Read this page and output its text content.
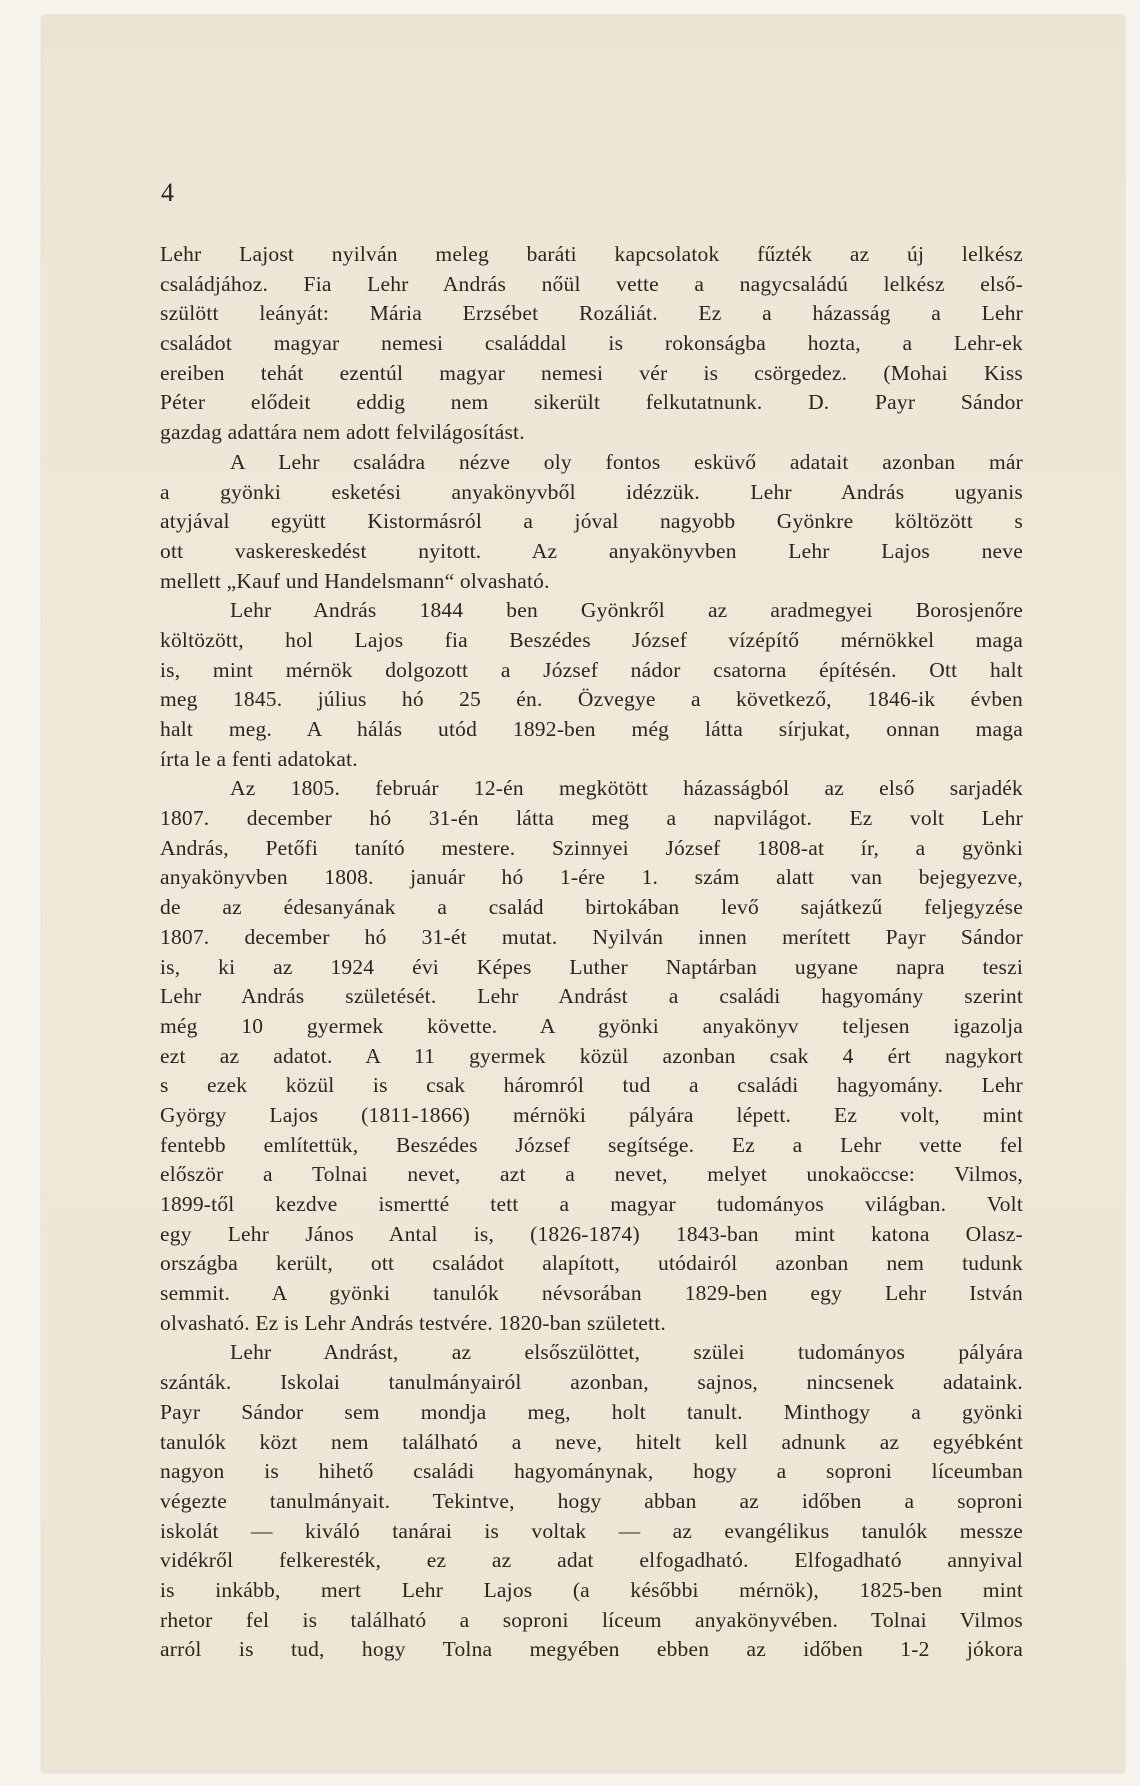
4

Lehr Lajost nyilván meleg baráti kapcsolatok fűzték az új lelkész
családjához. Fia Lehr András nőül vette a nagycsaládú lelkész első-
szülött leányát: Mária Erzsébet Rozáliát. Ez a házasság a Lehr
családot magyar nemesi családdal is rokonságba hozta, a Lehr-ek
ereiben tehát ezentúl magyar nemesi vér is csörgedez. (Mohai Kiss
Péter elődeit eddig nem sikerült felkutatnunk. D. Payr Sándor
gazdag adattára nem adott felvilágosítást.
A Lehr családra nézve oly fontos esküvő adatait azonban már
a gyönki esketési anyakönyvből idézzük. Lehr András ugyanis
atyjával együtt Kistormásról a jóval nagyobb Gyönkre költözött s
ott vaskereskedést nyitott. Az anyakönyvben Lehr Lajos neve
mellett „Kauf und Handelsmann“ olvasható.
Lehr András 1844 ben Gyönkről az aradmegyei Borosjenőre
költözött, hol Lajos fia Beszédes József vízépítő mérnökkel maga
is, mint mérnök dolgozott a József nádor csatorna építésén. Ott halt
meg 1845. július hó 25 én. Özvegye a következő, 1846-ik évben
halt meg. A hálás utód 1892-ben még látta sírjukat, onnan maga
írta le a fenti adatokat.
Az 1805. február 12-én megkötött házasságból az első sarjadék
1807. december hó 31-én látta meg a napvilágot. Ez volt Lehr
András, Petőfi tanító mestere. Szinnyei József 1808-at ír, a gyönki
anyakönyvben 1808. január hó 1-ére 1. szám alatt van bejegyezve,
de az édesanyának a család birtokában levő sajátkezű feljegyzése
1807. december hó 31-ét mutat. Nyilván innen merített Payr Sándor
is, ki az 1924 évi Képes Luther Naptárban ugyane napra teszi
Lehr András születését. Lehr Andrást a családi hagyomány szerint
még 10 gyermek követte. A gyönki anyakönyv teljesen igazolja
ezt az adatot. A 11 gyermek közül azonban csak 4 ért nagykort
s ezek közül is csak háromról tud a családi hagyomány. Lehr
György Lajos (1811-1866) mérnöki pályára lépett. Ez volt, mint
fentebb említettük, Beszédes József segítsége. Ez a Lehr vette fel
először a Tolnai nevet, azt a nevet, melyet unokaöccse: Vilmos,
1899-től kezdve ismertté tett a magyar tudományos világban. Volt
egy Lehr János Antal is, (1826-1874) 1843-ban mint katona Olasz-
országba került, ott családot alapított, utódairól azonban nem tudunk
semmit. A gyönki tanulók névsorában 1829-ben egy Lehr István
olvasható. Ez is Lehr András testvére. 1820-ban született.
Lehr Andrást, az elsőszülöttet, szülei tudományos pályára
szánták. Iskolai tanulmányairól azonban, sajnos, nincsenek adataink.
Payr Sándor sem mondja meg, holt tanult. Minthogy a gyönki
tanulók közt nem található a neve, hitelt kell adnunk az egyébként
nagyon is hihető családi hagyománynak, hogy a soproni líceumban
végezte tanulmányait. Tekintve, hogy abban az időben a soproni
iskolát — kiváló tanárai is voltak — az evangélikus tanulók messze
vidékről felkeresték, ez az adat elfogadható. Elfogadható annyival
is inkább, mert Lehr Lajos (a későbbi mérnök), 1825-ben mint
rhetor fel is található a soproni líceum anyakönyvében. Tolnai Vilmos
arról is tud, hogy Tolna megyében ebben az időben 1-2 jókora
